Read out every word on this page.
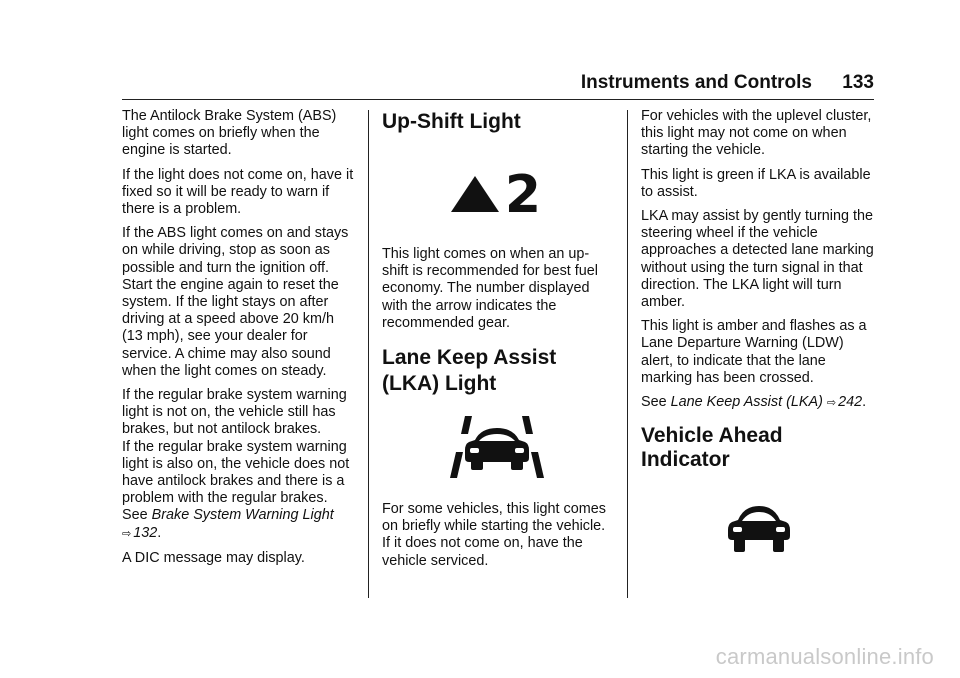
Instruments and Controls 133

The Antilock Brake System (ABS) light comes on briefly when the engine is started.

If the light does not come on, have it fixed so it will be ready to warn if there is a problem.

If the ABS light comes on and stays on while driving, stop as soon as possible and turn the ignition off. Start the engine again to reset the system. If the light stays on after driving at a speed above 20 km/h (13 mph), see your dealer for service. A chime may also sound when the light comes on steady.

If the regular brake system warning light is not on, the vehicle still has brakes, but not antilock brakes.
If the regular brake system warning light is also on, the vehicle does not have antilock brakes and there is a problem with the regular brakes.
See Brake System Warning Light
⇨ 132.

A DIC message may display.

Up-Shift Light
2

This light comes on when an up-shift is recommended for best fuel economy. The number displayed with the arrow indicates the recommended gear.

Lane Keep Assist (LKA) Light

For some vehicles, this light comes on briefly while starting the vehicle. If it does not come on, have the vehicle serviced.

For vehicles with the uplevel cluster, this light may not come on when starting the vehicle.

This light is green if LKA is available to assist.

LKA may assist by gently turning the steering wheel if the vehicle approaches a detected lane marking without using the turn signal in that direction. The LKA light will turn amber.

This light is amber and flashes as a Lane Departure Warning (LDW) alert, to indicate that the lane marking has been crossed.

See Lane Keep Assist (LKA) ⇨ 242.

Vehicle Ahead Indicator
carmanualsonline.info
